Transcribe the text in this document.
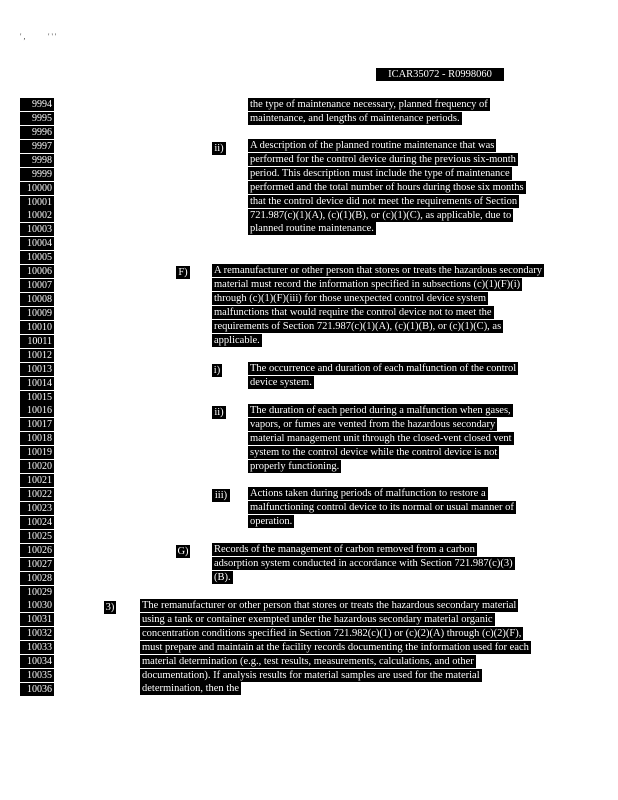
' ,	' ' '
ICAR35072 - R0998060
9994
9995
9996
9997
9998
9999
10000
10001
10002
10003
10004
10005
10006
10007
10008
10009
10010
10011
10012
10013
10014
10015
10016
10017
10018
10019
10020
10021
10022
10023
10024
10025
10026
10027
10028
10029
10030
10031
10032
10033
10034
10035
10036

the type of maintenance necessary, planned frequency of maintenance, and lengths of maintenance periods.

ii)	A description of the planned routine maintenance that was performed for the control device during the previous six-month period. This description must include the type of maintenance performed and the total number of hours during those six months that the control device did not meet the requirements of Section 721.987(c)(1)(A), (c)(1)(B), or (c)(1)(C), as applicable, due to planned routine maintenance.

F)	A remanufacturer or other person that stores or treats the hazardous secondary material must record the information specified in subsections (c)(1)(F)(i) through (c)(1)(F)(iii) for those unexpected control device system malfunctions that would require the control device not to meet the requirements of Section 721.987(c)(1)(A), (c)(1)(B), or (c)(1)(C), as applicable.

i)	The occurrence and duration of each malfunction of the control device system.

ii)	The duration of each period during a malfunction when gases, vapors, or fumes are vented from the hazardous secondary material management unit through the closed-vent closed vent system to the control device while the control device is not properly functioning.

iii) Actions taken during periods of malfunction to restore a malfunctioning control device to its normal or usual manner of operation.

G) Records of the management of carbon removed from a carbon adsorption system conducted in accordance with Section 721.987(c)(3)(B).

3)	The remanufacturer or other person that stores or treats the hazardous secondary material using a tank or container exempted under the hazardous secondary material organic concentration conditions specified in Section 721.982(c)(1) or (c)(2)(A) through (c)(2)(F), must prepare and maintain at the facility records documenting the information used for each material determination (e.g., test results, measurements, calculations, and other documentation). If analysis results for material samples are used for the material determination, then the
